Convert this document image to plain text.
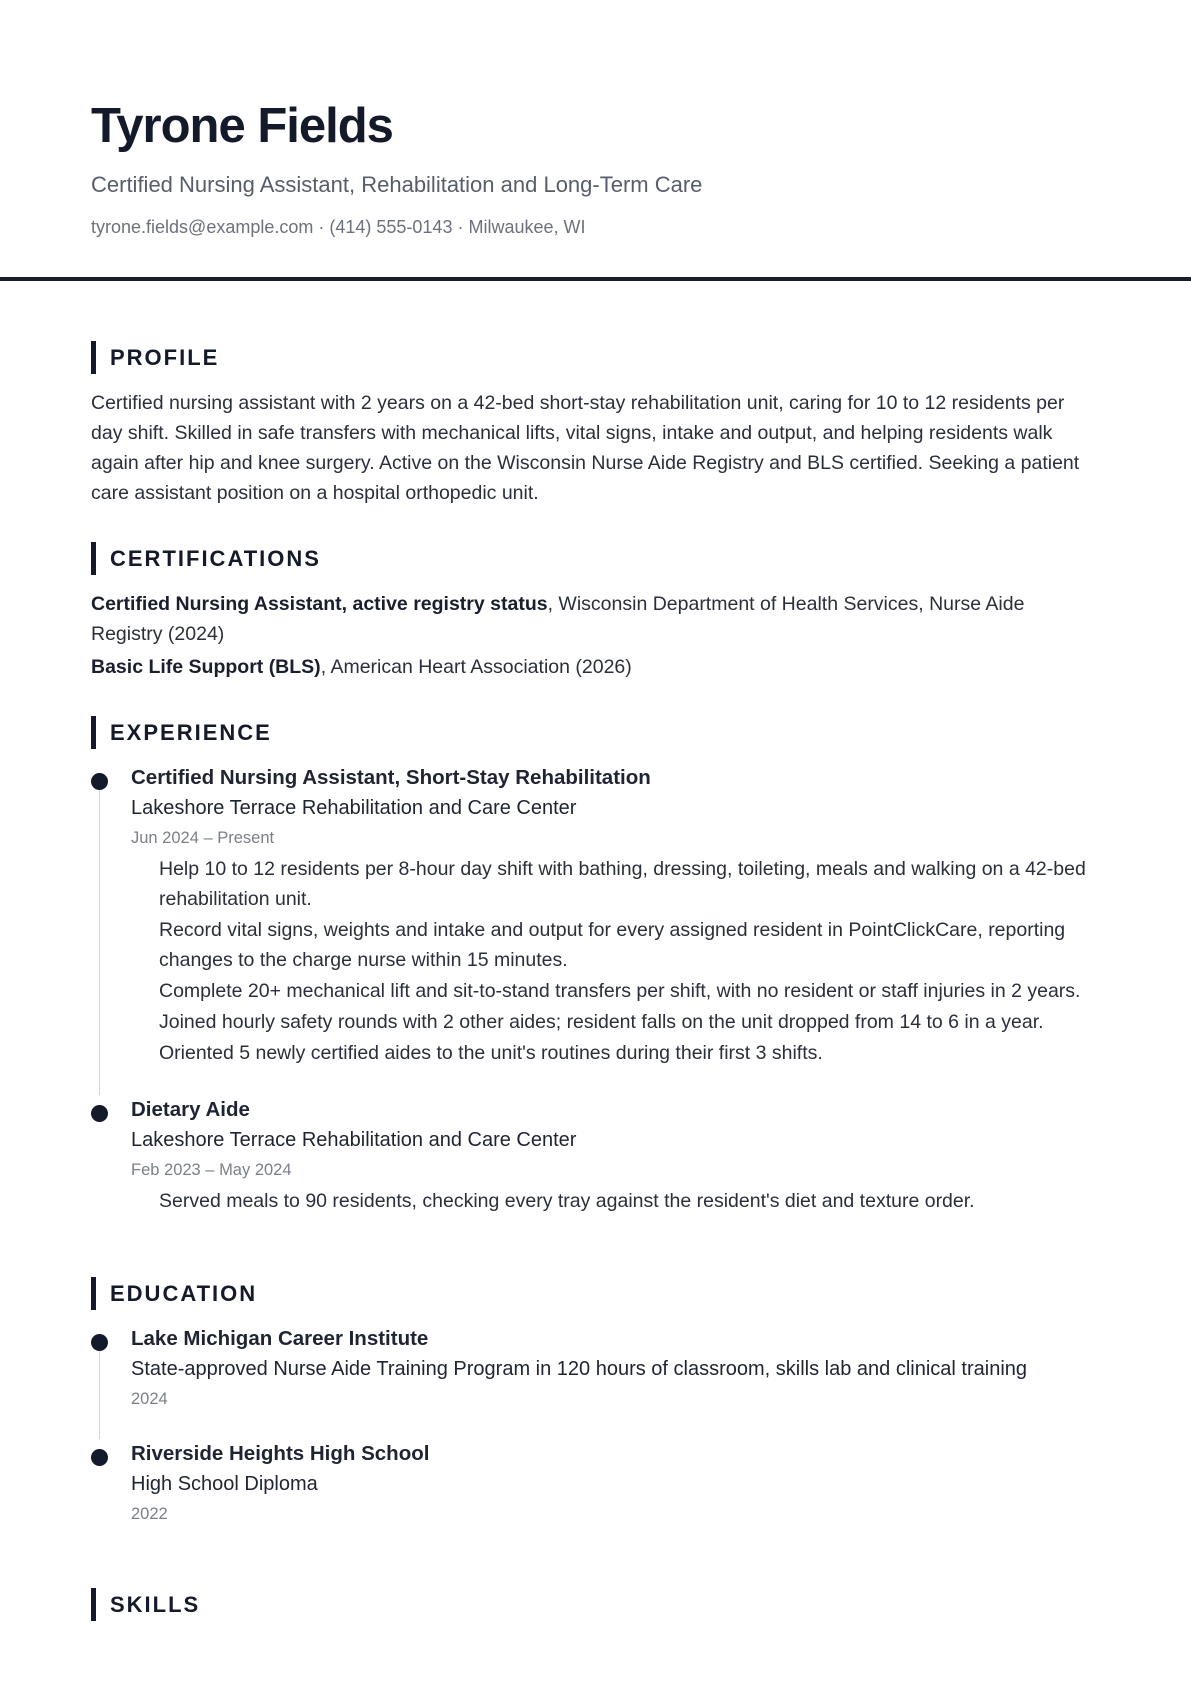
Tyrone Fields
Certified Nursing Assistant, Rehabilitation and Long-Term Care
tyrone.fields@example.com · (414) 555-0143 · Milwaukee, WI
PROFILE

Certified nursing assistant with 2 years on a 42-bed short-stay rehabilitation unit, caring for 10 to 12 residents per day shift. Skilled in safe transfers with mechanical lifts, vital signs, intake and output, and helping residents walk again after hip and knee surgery. Active on the Wisconsin Nurse Aide Registry and BLS certified. Seeking a patient care assistant position on a hospital orthopedic unit.

CERTIFICATIONS
Certified Nursing Assistant, active registry status, Wisconsin Department of Health Services, Nurse Aide Registry (2024)
Basic Life Support (BLS), American Heart Association (2026)
EXPERIENCE
Certified Nursing Assistant, Short-Stay Rehabilitation
Lakeshore Terrace Rehabilitation and Care Center
Jun 2024 – Present
Help 10 to 12 residents per 8-hour day shift with bathing, dressing, toileting, meals and walking on a 42-bed rehabilitation unit.
Record vital signs, weights and intake and output for every assigned resident in PointClickCare, reporting changes to the charge nurse within 15 minutes.
Complete 20+ mechanical lift and sit-to-stand transfers per shift, with no resident or staff injuries in 2 years.
Joined hourly safety rounds with 2 other aides; resident falls on the unit dropped from 14 to 6 in a year.
Oriented 5 newly certified aides to the unit's routines during their first 3 shifts.
Dietary Aide
Lakeshore Terrace Rehabilitation and Care Center
Feb 2023 – May 2024
Served meals to 90 residents, checking every tray against the resident's diet and texture order.
EDUCATION
Lake Michigan Career Institute
State-approved Nurse Aide Training Program in 120 hours of classroom, skills lab and clinical training
2024
Riverside Heights High School
High School Diploma
2022
SKILLS
